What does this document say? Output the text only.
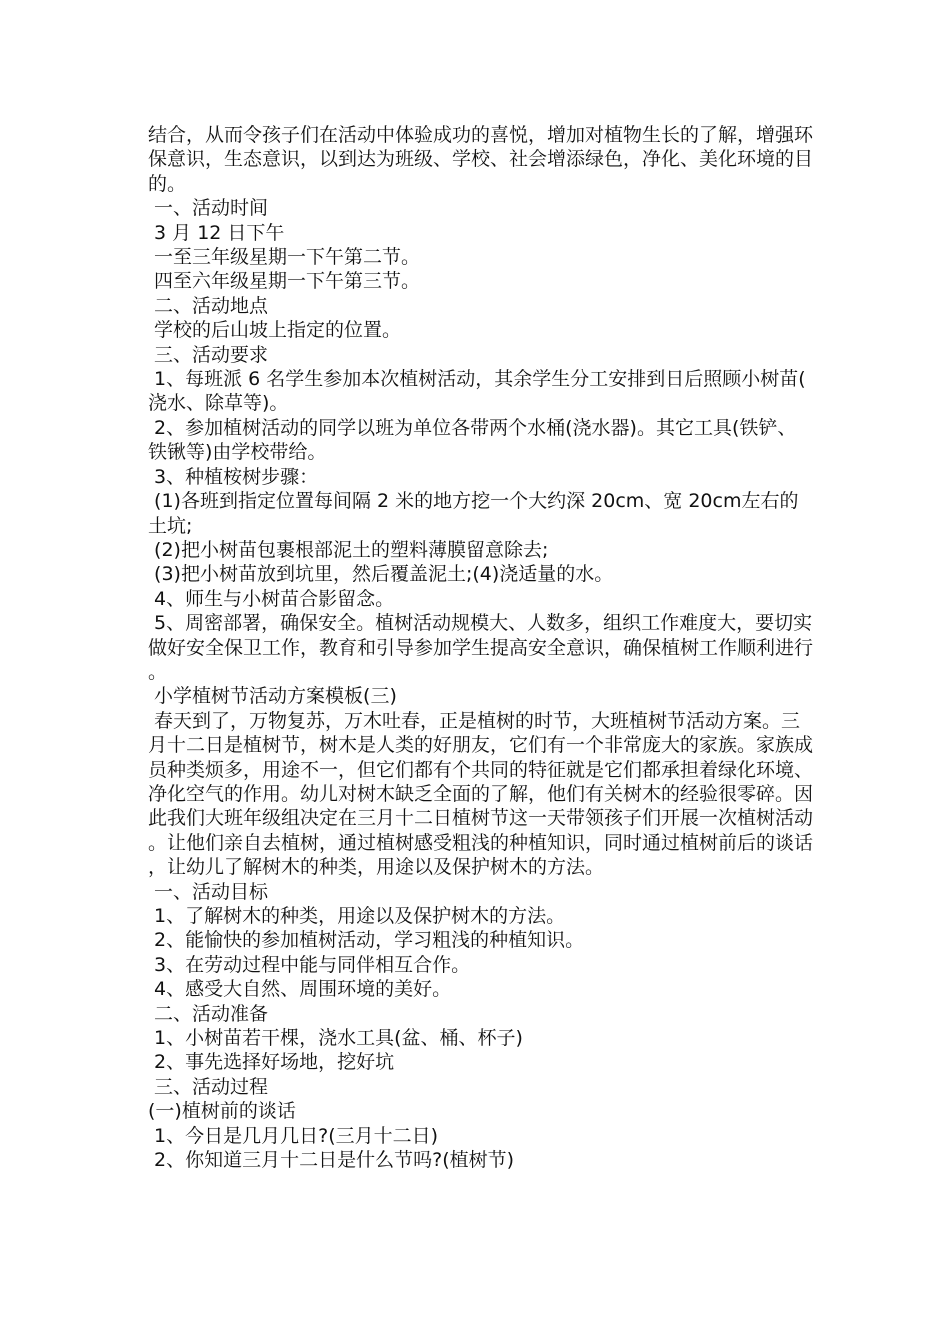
结合，从而令孩子们在活动中体验成功的喜悦，增加对植物生长的了解，增强环保意识，生态意识，以到达为班级、学校、社会增添绿色，净化、美化环境的目的。

一、活动时间

3 月 12 日下午

一至三年级星期一下午第二节。

四至六年级星期一下午第三节。

二、活动地点

学校的后山坡上指定的位置。

三、活动要求

1、每班派 6 名学生参加本次植树活动，其余学生分工安排到日后照顾小树苗(浇水、除草等)。

2、参加植树活动的同学以班为单位各带两个水桶(浇水器)。其它工具(铁铲、铁锹等)由学校带给。

3、种植桉树步骤：

(1)各班到指定位置每间隔 2 米的地方挖一个大约深 20cm、宽 20cm左右的土坑;

(2)把小树苗包裹根部泥土的塑料薄膜留意除去;

(3)把小树苗放到坑里，然后覆盖泥土;(4)浇适量的水。

4、师生与小树苗合影留念。

5、周密部署，确保安全。植树活动规模大、人数多，组织工作难度大，要切实做好安全保卫工作，教育和引导参加学生提高安全意识，确保植树工作顺利进行。

小学植树节活动方案模板(三)

春天到了，万物复苏，万木吐春，正是植树的时节，大班植树节活动方案。三月十二日是植树节，树木是人类的好朋友，它们有一个非常庞大的家族。家族成员种类烦多，用途不一，但它们都有个共同的特征就是它们都承担着绿化环境、净化空气的作用。幼儿对树木缺乏全面的了解，他们有关树木的经验很零碎。因此我们大班年级组决定在三月十二日植树节这一天带领孩子们开展一次植树活动。让他们亲自去植树，通过植树感受粗浅的种植知识，同时通过植树前后的谈话，让幼儿了解树木的种类，用途以及保护树木的方法。

一、活动目标

1、了解树木的种类，用途以及保护树木的方法。

2、能愉快的参加植树活动，学习粗浅的种植知识。

3、在劳动过程中能与同伴相互合作。

4、感受大自然、周围环境的美好。

二、活动准备

1、小树苗若干棵，浇水工具(盆、桶、杯子)

2、事先选择好场地，挖好坑

三、活动过程

(一)植树前的谈话

1、今日是几月几日?(三月十二日)

2、你知道三月十二日是什么节吗?(植树节)
